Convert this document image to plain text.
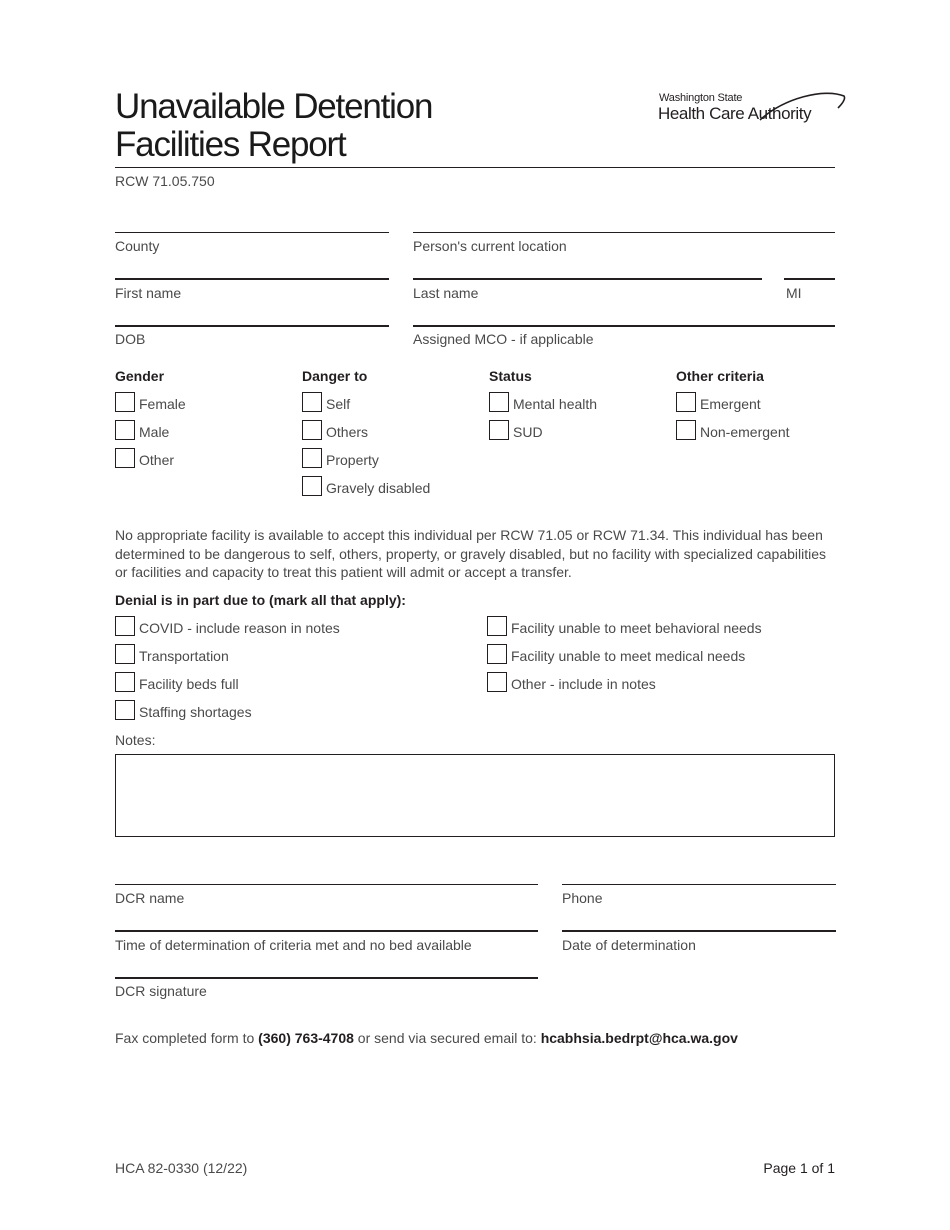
Unavailable Detention
Facilities Report
Washington State
Health Care Authority
RCW 71.05.750
County	Person's current location
First name	Last name	MI
DOB	Assigned MCO - if applicable
Gender
Female
Male
Other
Danger to
Self
Others
Property
Gravely disabled
Status
Mental health
SUD
Other criteria
Emergent
Non-emergent
No appropriate facility is available to accept this individual per RCW 71.05 or RCW 71.34. This individual has been determined to be dangerous to self, others, property, or gravely disabled, but no facility with specialized capabilities or facilities and capacity to treat this patient will admit or accept a transfer.
Denial is in part due to (mark all that apply):
COVID - include reason in notes
Transportation
Facility beds full
Staffing shortages
Facility unable to meet behavioral needs
Facility unable to meet medical needs
Other - include in notes
Notes:
DCR name	Phone
Time of determination of criteria met and no bed available	Date of determination
DCR signature
Fax completed form to (360) 763-4708 or send via secured email to: hcabhsia.bedrpt@hca.wa.gov
HCA 82-0330 (12/22)	Page 1 of 1
